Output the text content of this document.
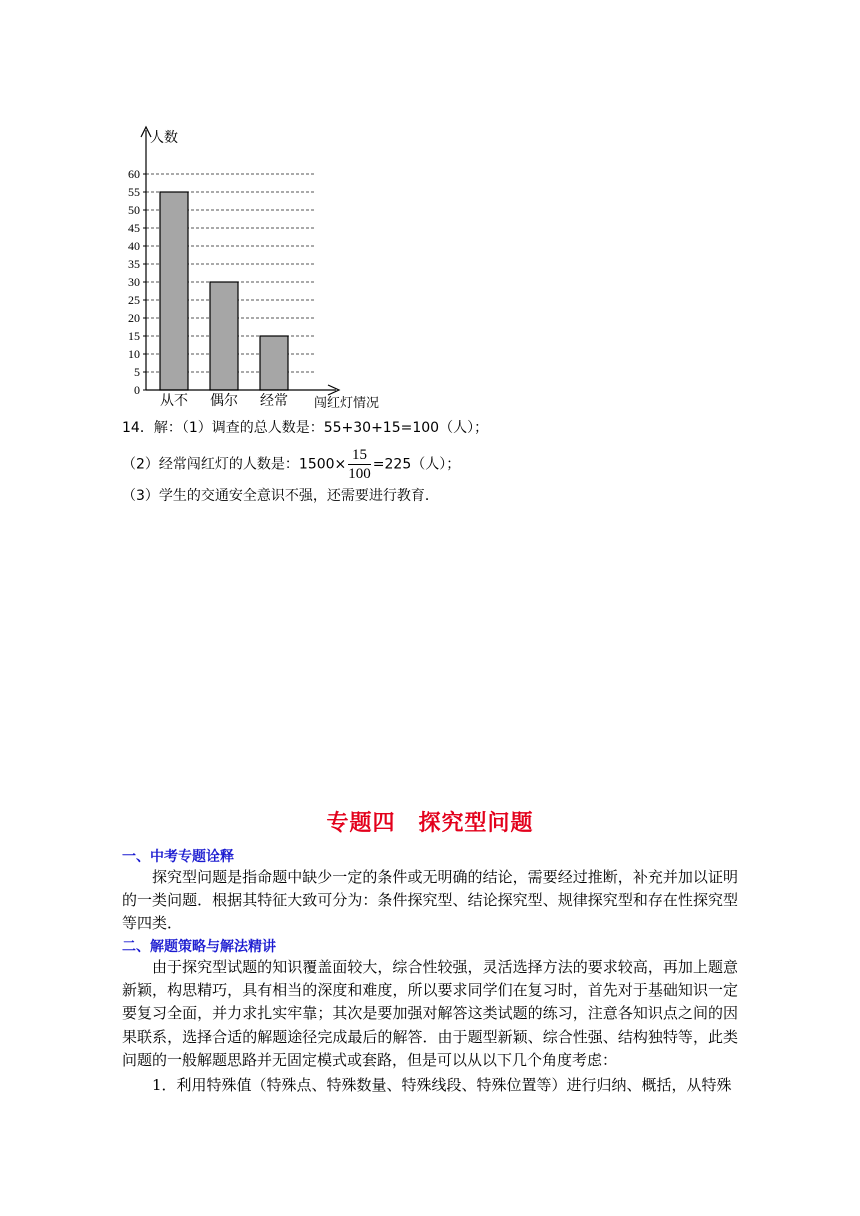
0
5
10
15
20
25
30
35
40
45
50
55
60
从不 偶尔 经常
人数
闯红灯情况
14．解：（1）调查的总人数是：55+30+15=100（人）；
（2）经常闯红灯的人数是：$1500\times \frac{15}{100} =225$（人）；
（3）学生的交通安全意识不强，还需要进行教育．
专题四　探究型问题
一、中考专题诠释

探究型问题是指命题中缺少一定的条件或无明确的结论，需要经过推断，补充并加以证明的一类问题．根据其特征大致可分为：条件探究型、结论探究型、规律探究型和存在性探究型等四类．

二、解题策略与解法精讲

由于探究型试题的知识覆盖面较大，综合性较强，灵活选择方法的要求较高，再加上题意新颖，构思精巧，具有相当的深度和难度，所以要求同学们在复习时，首先对于基础知识一定要复习全面，并力求扎实牢靠；其次是要加强对解答这类试题的练习，注意各知识点之间的因果联系，选择合适的解题途径完成最后的解答．由于题型新颖、综合性强、结构独特等，此类问题的一般解题思路并无固定模式或套路，但是可以从以下几个角度考虑：

1．利用特殊值（特殊点、特殊数量、特殊线段、特殊位置等）进行归纳、概括，从特殊
